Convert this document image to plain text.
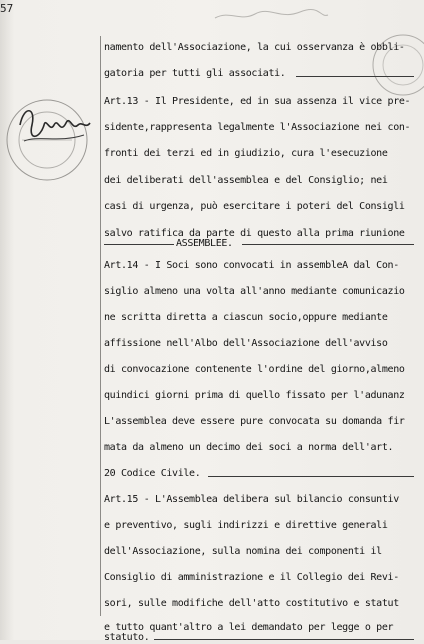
57
namento dell'Associazione, la cui osservanza è obbli-
gatoria per tutti gli associati.
Art.13 - Il Presidente, ed in sua assenza il vice pre-
sidente,rappresenta legalmente l'Associazione nei con-
fronti dei terzi ed in giudizio, cura l'esecuzione
dei deliberati dell'assemblea e del Consiglio; nei
casi di urgenza, può esercitare i poteri del Consigli
salvo ratifica da parte di questo alla prima riunione
ASSEMBLEE.
Art.14 - I Soci sono convocati in assembleA dal Con-
siglio almeno una volta all'anno mediante comunicazio
ne scritta diretta a ciascun socio,oppure mediante
affissione nell'Albo dell'Associazione dell'avviso
di convocazione contenente l'ordine del giorno,almeno
quindici giorni prima di quello fissato per l'adunanz
L'assemblea deve essere pure convocata su domanda fir
mata da almeno un decimo dei soci a norma dell'art.
20 Codice Civile.
Art.15 - L'Assemblea delibera sul bilancio consuntiv
e preventivo, sugli indirizzi e direttive generali
dell'Associazione, sulla nomina dei componenti il
Consiglio di amministrazione e il Collegio dei Revi-
sori, sulle modifiche dell'atto costitutivo e statut
e tutto quant'altro a lei demandato per legge o per
statuto.
